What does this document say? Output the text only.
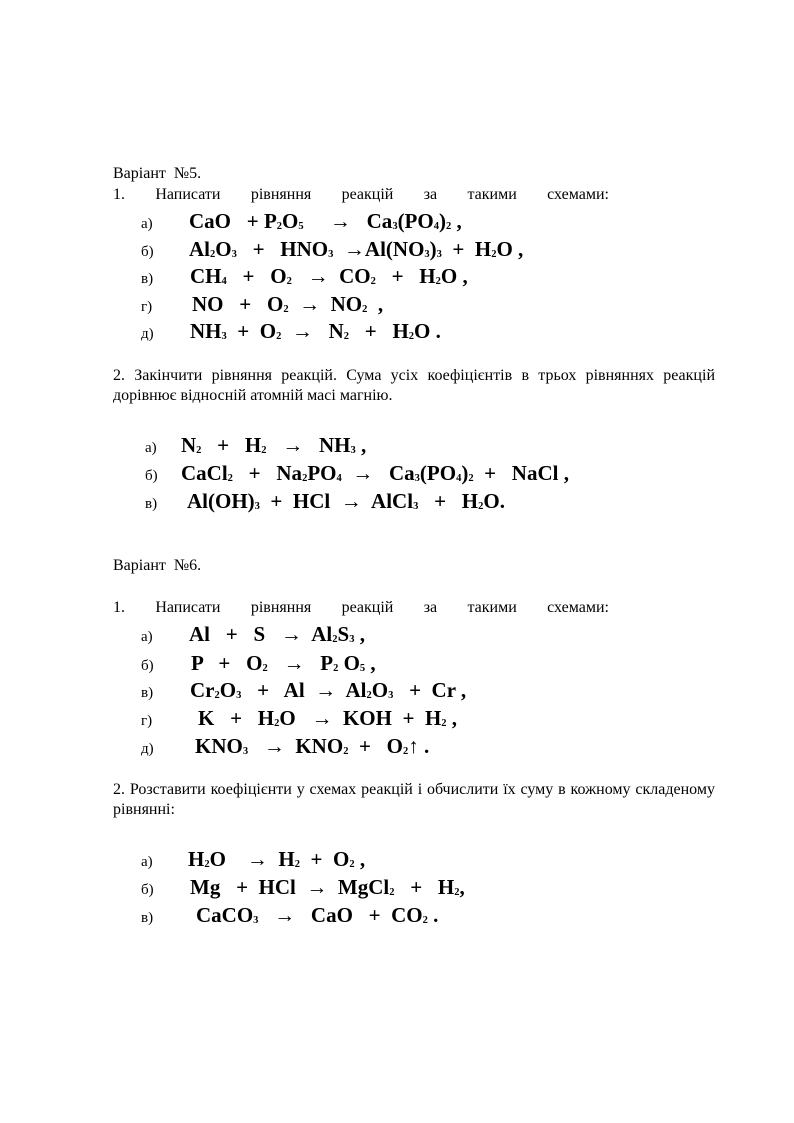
Варіант  №5.
1. Написати рівняння реакцій за такими схемами:

а)

CaO   + P2O5     →   Ca3(PO4)2 ,

б)

Al2O3   +   HNO3  →Al(NO3)3  +  H2O ,

в)

CH4   +   O2   →  CO2   +   H2O ,

г)

NO   +   O2  →  NO2  ,

д)

NH3  +  O2  →   N2   +   H2O .

2. Закінчити рівняння реакцій. Сума усіх коефіцієнтів в трьох рівняннях реакцій дорівнює відносній атомній масі магнію.

а)

N2   +   H2   →   NH3 ,

б)

CaCl2   +   Na2PO4  →   Ca3(PO4)2  +   NaCl ,

в)

Al(OH)3  +  HCl  →  AlCl3   +   H2O.

Варіант  №6.
1. Написати рівняння реакцій за такими схемами:

а)

Al   +   S   →  Al2S3 ,

б)

P   +   O2   →   P2 O5 ,

в)

Cr2O3   +   Al  →  Al2O3   +  Cr ,

г)

K   +   H2O   →  KOH  +  H2 ,

д)

KNO3   →  KNO2  +   O2↑ .

2. Розставити коефіцієнти у схемах реакцій і обчислити їх суму в кожному складеному рівнянні:

а)

H2O    →  H2  +  O2 ,

б)

Mg   +  HCl  →  MgCl2   +   H2,

в)

CaCO3   →   CaO   +  CO2 .
